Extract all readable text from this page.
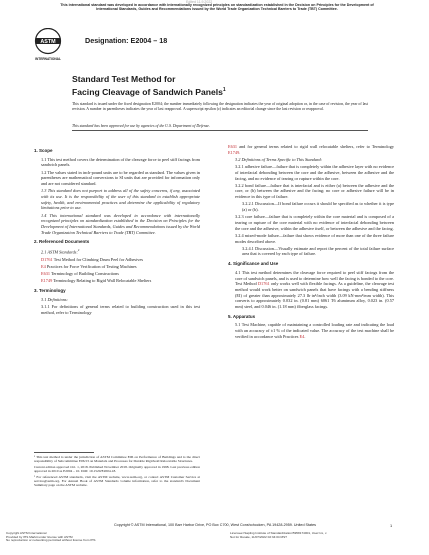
This international standard was developed in accordance with internationally recognized principles on standardization established in the Decision on Principles for the Development of International Standards, Guides and Recommendations issued by the World Trade Organization Technical Barriers to Trade (TBT) Committee.
Edited 11.9.2022
ASTM
INTERNATIONAL
Designation: E2004 – 18
Standard Test Method for
Facing Cleavage of Sandwich Panels$^1$
This standard is issued under the fixed designation E2004; the number immediately following the designation indicates the year of original adoption or, in the case of revision, the year of last revision. A number in parentheses indicates the year of last reapproval. A superscript epsilon (ε) indicates an editorial change since the last revision or reapproval.
This standard has been approved for use by agencies of the U.S. Department of Defense.

1. Scope

1.1 This test method covers the determination of the cleavage force to peel stiff facings from sandwich panels.

1.2 The values stated in inch-pound units are to be regarded as standard. The values given in parentheses are mathematical conversions to SI units that are provided for information only and are not considered standard.

1.3 This standard does not purport to address all of the safety concerns, if any, associated with its use. It is the responsibility of the user of this standard to establish appropriate safety, health, and environmental practices and determine the applicability of regulatory limitations prior to use.

1.4 This international standard was developed in accordance with internationally recognized principles on standardization established in the Decision on Principles for the Development of International Standards, Guides and Recommendations issued by the World Trade Organization Technical Barriers to Trade (TBT) Committee.

2. Referenced Documents

2.1 ASTM Standards:$^2$

D1761 Test Method for Climbing Drum Peel for Adhesives

E4 Practices for Force Verification of Testing Machines

E631 Terminology of Building Constructions

E1749 Terminology Relating to Rigid Wall Relocatable Shelters

3. Terminology

3.1 Definitions:

3.1.1 For definitions of general terms related to building construction used in this test method, refer to Terminology

¹ This test method is under the jurisdiction of ASTM Committee E06 on Performance of Buildings and is the direct responsibility of Subcommittee E06.53 on Materials and Processes for Durable Rigidwall Relocatable Structures.

Current edition approved Oct. 1, 2018. Published November 2018. Originally approved in 1998. Last previous edition approved in 2010 as E2004 – 10. DOI: 10.1520/E2004-18.

² For referenced ASTM standards, visit the ASTM website, www.astm.org, or contact ASTM Customer Service at service@astm.org. For Annual Book of ASTM Standards volume information, refer to the standard's Document Summary page on the ASTM website.

E631 and for general terms related to rigid wall relocatable shelters, refer to Terminology E1749.

3.2 Definitions of Terms Specific to This Standard:

3.2.1 adhesive failure—failure that is completely within the adhesive layer with no evidence of interfacial debonding between the core and the adhesive, between the adhesive and the facing, and no evidence of tearing or rupture within the core.

3.2.2 bond failure—failure that is interfacial and is either (a) between the adhesive and the core, or (b) between the adhesive and the facing; no core or adhesive failure will be in evidence in this type of failure.

3.2.2.1 Discussion—If bond failure occurs it should be specified as to whether it is type (a) or (b).

3.2.3 core failure—failure that is completely within the core material and is composed of a tearing or rupture of the core material with no evidence of interfacial debonding between the core and the adhesive, within the adhesive itself, or between the adhesive and the facing.

3.2.4 mixed-mode failure—failure that shows evidence of more than one of the three failure modes described above.

3.2.4.1 Discussion—Visually estimate and report the percent of the total failure surface area that is covered by each type of failure.

4. Significance and Use

4.1 This test method determines the cleavage force required to peel stiff facings from the core of sandwich panels, and is used to determine how well the facing is bonded to the core. Test Method D1761 only works well with flexible facings. As a guideline, the cleavage test method would work better on sandwich panels that have facings with a bending stiffness (EI) of greater than approximately 27.3 lb·in²/inch width (3.09 kN·mm²/mm width). This converts to approximately 0.032 in. (0.81 mm) 6061 T6 aluminum alloy, 0.023 in. (0.57 mm) steel, and 0.046 in. (1.18 mm) fiberglass facings.

5. Apparatus

5.1 Test Machine, capable of maintaining a controlled loading rate and indicating the load with an accuracy of ±1 % of the indicated value. The accuracy of the test machine shall be verified in accordance with Practices E4.

Copyright © ASTM International, 100 Barr Harbor Drive, PO Box C700, West Conshohocken, PA 19428-2959. United States	1
Copyright ASTM International
Provided by IHS Markit under license with ASTM
No reproduction or networking permitted without license from IHS
Licensee=Sapling Institute of Standardization/5958174001, User=xx, x
Not for Resale, 11/07/2022 02:34:04 MST
